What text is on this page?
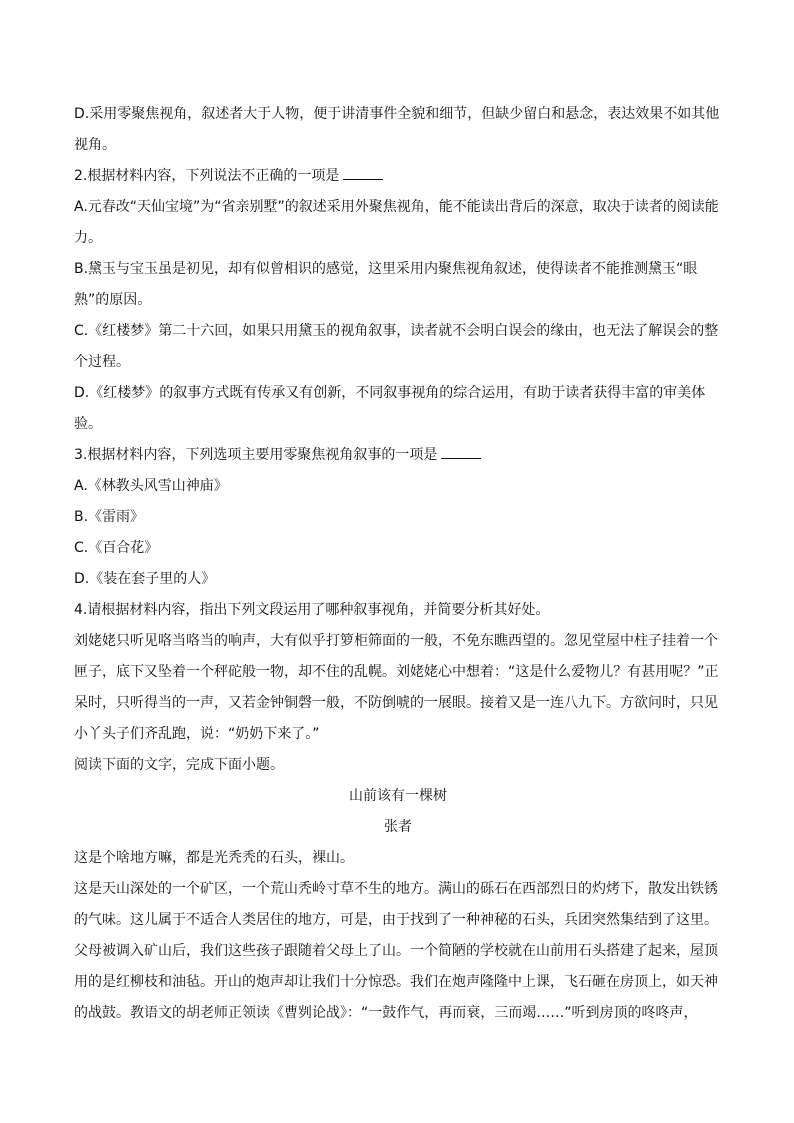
D.采用零聚焦视角，叙述者大于人物，便于讲清事件全貌和细节，但缺少留白和悬念，表达效果不如其他视角。

2.根据材料内容，下列说法不正确的一项是

A.元春改“天仙宝境”为“省亲别墅”的叙述采用外聚焦视角，能不能读出背后的深意，取决于读者的阅读能力。

B.黛玉与宝玉虽是初见，却有似曾相识的感觉，这里采用内聚焦视角叙述，使得读者不能推测黛玉“眼熟”的原因。

C.《红楼梦》第二十六回，如果只用黛玉的视角叙事，读者就不会明白误会的缘由，也无法了解误会的整个过程。

D.《红楼梦》的叙事方式既有传承又有创新，不同叙事视角的综合运用，有助于读者获得丰富的审美体验。

3.根据材料内容，下列选项主要用零聚焦视角叙事的一项是

A.《林教头风雪山神庙》

B.《雷雨》

C.《百合花》

D.《装在套子里的人》

4.请根据材料内容，指出下列文段运用了哪种叙事视角，并简要分析其好处。

刘姥姥只听见咯当咯当的响声，大有似乎打箩柜筛面的一般，不免东瞧西望的。忽见堂屋中柱子挂着一个匣子，底下又坠着一个秤砣般一物，却不住的乱幌。刘姥姥心中想着：“这是什么爱物儿？有甚用呢？”正呆时，只听得当的一声，又若金钟铜磬一般，不防倒唬的一展眼。接着又是一连八九下。方欲问时，只见小丫头子们齐乱跑，说：“奶奶下来了。”

阅读下面的文字，完成下面小题。

山前该有一棵树

张者

这是个啥地方嘛，都是光秃秃的石头，裸山。

这是天山深处的一个矿区，一个荒山秃岭寸草不生的地方。满山的砾石在西部烈日的灼烤下，散发出铁锈的气味。这儿属于不适合人类居住的地方，可是，由于找到了一种神秘的石头，兵团突然集结到了这里。

父母被调入矿山后，我们这些孩子跟随着父母上了山。一个简陋的学校就在山前用石头搭建了起来，屋顶用的是红柳枝和油毡。开山的炮声却让我们十分惊恐。我们在炮声隆隆中上课，飞石砸在房顶上，如天神的战鼓。教语文的胡老师正领读《曹刿论战》：“一鼓作气，再而衰，三而竭……”听到房顶的咚咚声，
